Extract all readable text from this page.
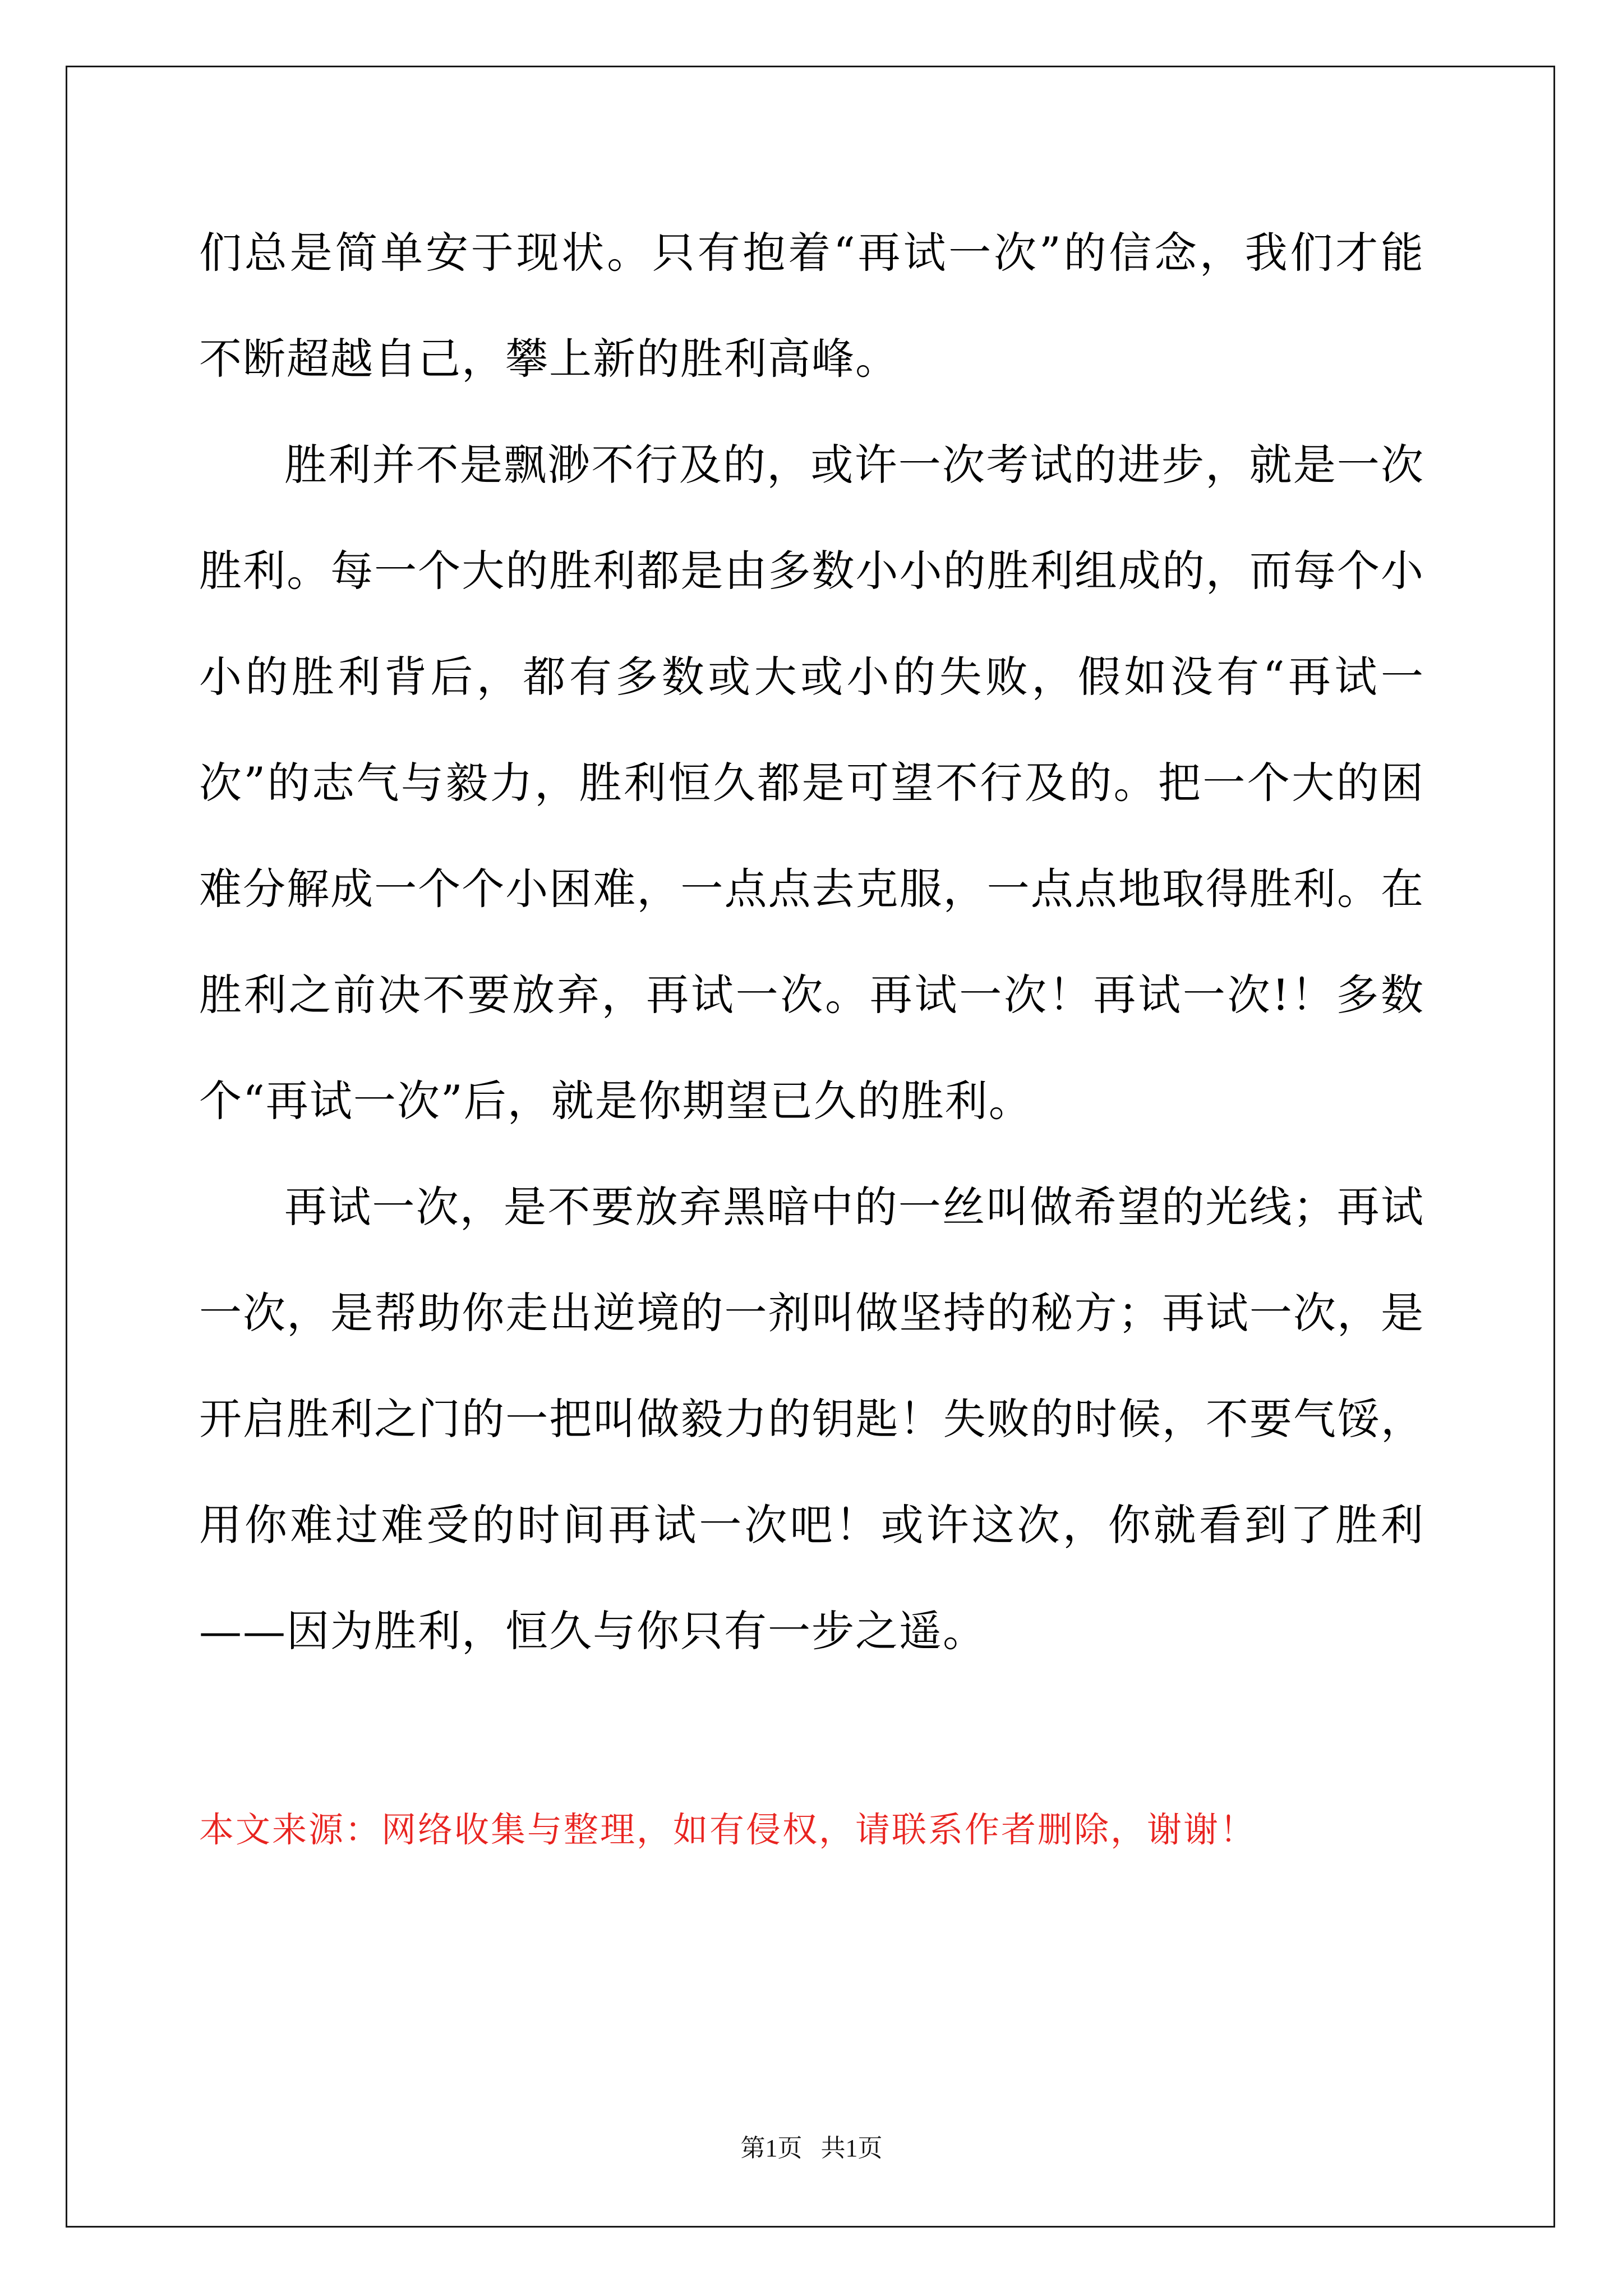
们总是简单安于现状。只有抱着“再试一次”的信念，我们才能不断超越自己，攀上新的胜利高峰。

胜利并不是飘渺不行及的，或许一次考试的进步，就是一次胜利。每一个大的胜利都是由多数小小的胜利组成的，而每个小小的胜利背后，都有多数或大或小的失败，假如没有“再试一次”的志气与毅力，胜利恒久都是可望不行及的。把一个大的困难分解成一个个小困难，一点点去克服，一点点地取得胜利。在胜利之前决不要放弃，再试一次。再试一次！再试一次!！多数个“再试一次”后，就是你期望已久的胜利。

再试一次，是不要放弃黑暗中的一丝叫做希望的光线；再试一次，是帮助你走出逆境的一剂叫做坚持的秘方；再试一次，是开启胜利之门的一把叫做毅力的钥匙！失败的时候，不要气馁，用你难过难受的时间再试一次吧！或许这次，你就看到了胜利——因为胜利，恒久与你只有一步之遥。

本文来源：网络收集与整理，如有侵权，请联系作者删除，谢谢！
第1页 共1页
